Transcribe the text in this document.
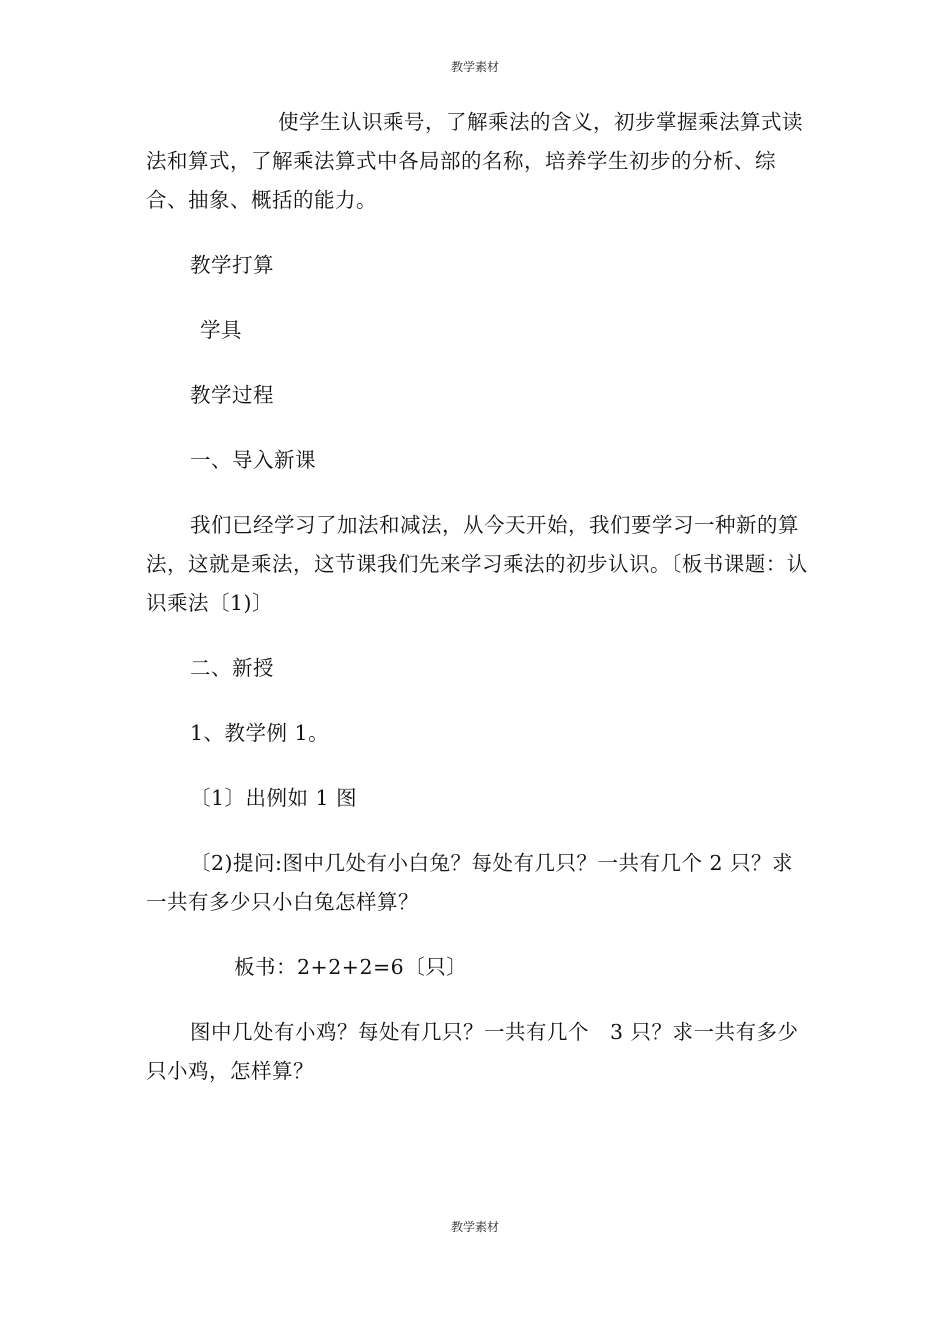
教学素材

使学生认识乘号，了解乘法的含义，初步掌握乘法算式读法和算式，了解乘法算式中各局部的名称，培养学生初步的分析、综合、抽象、概括的能力。

教学打算

学具

教学过程

一、导入新课

我们已经学习了加法和减法，从今天开始，我们要学习一种新的算法，这就是乘法，这节课我们先来学习乘法的初步认识。〔板书课题：认识乘法〔1)〕

二、新授

1、教学例 1。

〔1〕出例如 1 图

〔2)提问:图中几处有小白兔？每处有几只？一共有几个 2 只？求一共有多少只小白兔怎样算？

板书：2+2+2=6〔只〕

图中几处有小鸡？每处有几只？一共有几个　3 只？求一共有多少只小鸡，怎样算？

教学素材
